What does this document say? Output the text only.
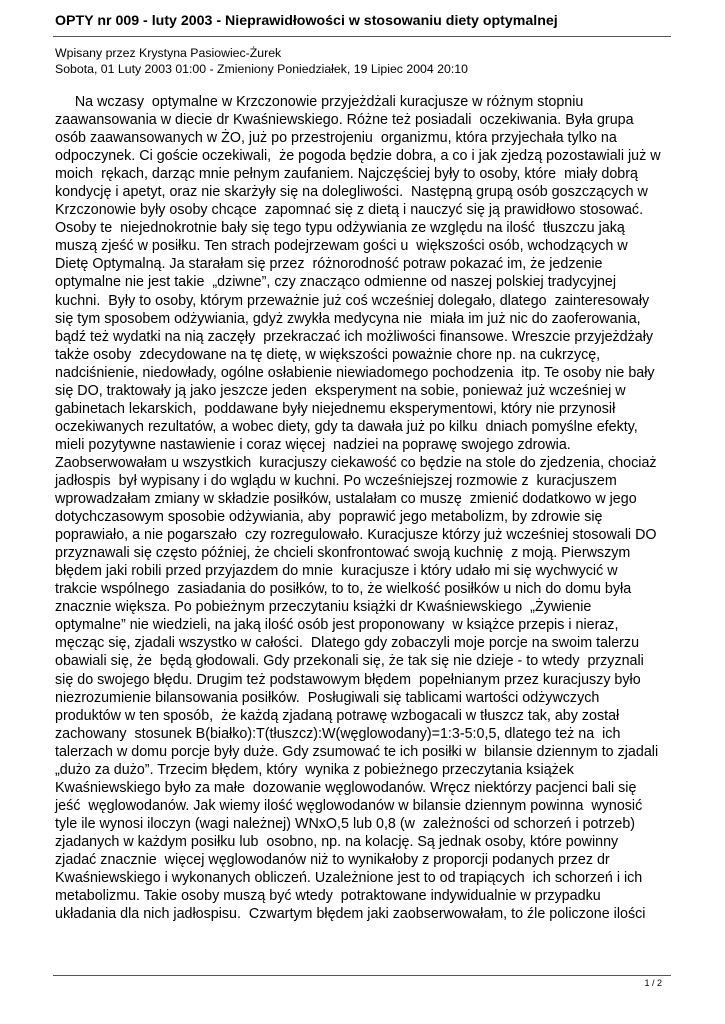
OPTY nr 009 - luty 2003 - Nieprawidłowości w stosowaniu diety optymalnej
Wpisany przez Krystyna Pasiowiec-Żurek
Sobota, 01 Luty 2003 01:00 - Zmieniony Poniedziałek, 19 Lipiec 2004 20:10
Na wczasy  optymalne w Krzczonowie przyjeżdżali kuracjusze w różnym stopniu
zaawansowania w diecie dr Kwaśniewskiego. Różne też posiadali  oczekiwania. Była grupa
osób zaawansowanych w ŻO, już po przestrojeniu  organizmu, która przyjechała tylko na
odpoczynek. Ci goście oczekiwali,  że pogoda będzie dobra, a co i jak zjedzą pozostawiali już w
moich  rękach, darząc mnie pełnym zaufaniem. Najczęściej były to osoby, które  miały dobrą
kondycję i apetyt, oraz nie skarżyły się na dolegliwości.  Następną grupą osób goszczących w
Krzczonowie były osoby chcące  zapomnać się z dietą i nauczyć się ją prawidłowo stosować.
Osoby te  niejednokrotnie bały się tego typu odżywiania ze względu na ilość  tłuszczu jaką
muszą zjeść w posiłku. Ten strach podejrzewam gości u  większości osób, wchodzących w
Dietę Optymalną. Ja starałam się przez  różnorodność potraw pokazać im, że jedzenie
optymalne nie jest takie  „dziwne”, czy znacząco odmienne od naszej polskiej tradycyjnej
kuchni.  Były to osoby, którym przeważnie już coś wcześniej dolegało, dlatego  zainteresowały
się tym sposobem odżywiania, gdyż zwykła medycyna nie  miała im już nic do zaoferowania,
bądź też wydatki na nią zaczęły  przekraczać ich możliwości finansowe. Wreszcie przyjeżdżały
także osoby  zdecydowane na tę dietę, w większości poważnie chore np. na cukrzycę,
nadciśnienie, niedowłady, ogólne osłabienie niewiadomego pochodzenia  itp. Te osoby nie bały
się DO, traktowały ją jako jeszcze jeden  eksperyment na sobie, ponieważ już wcześniej w
gabinetach lekarskich,  poddawane były niejednemu eksperymentowi, który nie przynosił
oczekiwanych rezultatów, a wobec diety, gdy ta dawała już po kilku  dniach pomyślne efekty,
mieli pozytywne nastawienie i coraz więcej  nadziei na poprawę swojego zdrowia.
Zaobserwowałam u wszystkich  kuracjuszy ciekawość co będzie na stole do zjedzenia, chociaż
jadłospis  był wypisany i do wglądu w kuchni. Po wcześniejszej rozmowie z  kuracjuszem
wprowadzałam zmiany w składzie posiłków, ustalałam co muszę  zmienić dodatkowo w jego
dotychczasowym sposobie odżywiania, aby  poprawić jego metabolizm, by zdrowie się
poprawiało, a nie pogarszało  czy rozregulowało. Kuracjusze którzy już wcześniej stosowali DO
przyznawali się często później, że chcieli skonfrontować swoją kuchnię  z moją. Pierwszym
błędem jaki robili przed przyjazdem do mnie  kuracjusze i który udało mi się wychwycić w
trakcie wspólnego  zasiadania do posiłków, to to, że wielkość posiłków u nich do domu była
znacznie większa. Po pobieżnym przeczytaniu książki dr Kwaśniewskiego  „Żywienie
optymalne” nie wiedzieli, na jaką ilość osób jest proponowany  w książce przepis i nieraz,
męcząc się, zjadali wszystko w całości.  Dlatego gdy zobaczyli moje porcje na swoim talerzu
obawiali się, że  będą głodowali. Gdy przekonali się, że tak się nie dzieje - to wtedy  przyznali
się do swojego błędu. Drugim też podstawowym błędem  popełnianym przez kuracjuszy było
niezrozumienie bilansowania posiłków.  Posługiwali się tablicami wartości odżywczych
produktów w ten sposób,  że każdą zjadaną potrawę wzbogacali w tłuszcz tak, aby został
zachowany  stosunek B(białko):T(tłuszcz):W(węglowodany)=1:3-5:0,5, dlatego też na  ich
talerzach w domu porcje były duże. Gdy zsumować te ich posiłki w  bilansie dziennym to zjadali
„dużo za dużo”. Trzecim błędem, który  wynika z pobieżnego przeczytania książek
Kwaśniewskiego było za małe  dozowanie węglowodanów. Wręcz niektórzy pacjenci bali się
jeść  węglowodanów. Jak wiemy ilość węglowodanów w bilansie dziennym powinna  wynosić
tyle ile wynosi iloczyn (wagi należnej) WNxO,5 lub 0,8 (w  zależności od schorzeń i potrzeb)
zjadanych w każdym posiłku lub  osobno, np. na kolację. Są jednak osoby, które powinny
zjadać znacznie  więcej węglowodanów niż to wynikałoby z proporcji podanych przez dr
Kwaśniewskiego i wykonanych obliczeń. Uzależnione jest to od trapiących  ich schorzeń i ich
metabolizmu. Takie osoby muszą być wtedy  potraktowane indywidualnie w przypadku
układania dla nich jadłospisu.  Czwartym błędem jaki zaobserwowałam, to źle policzone ilości
1 / 2
